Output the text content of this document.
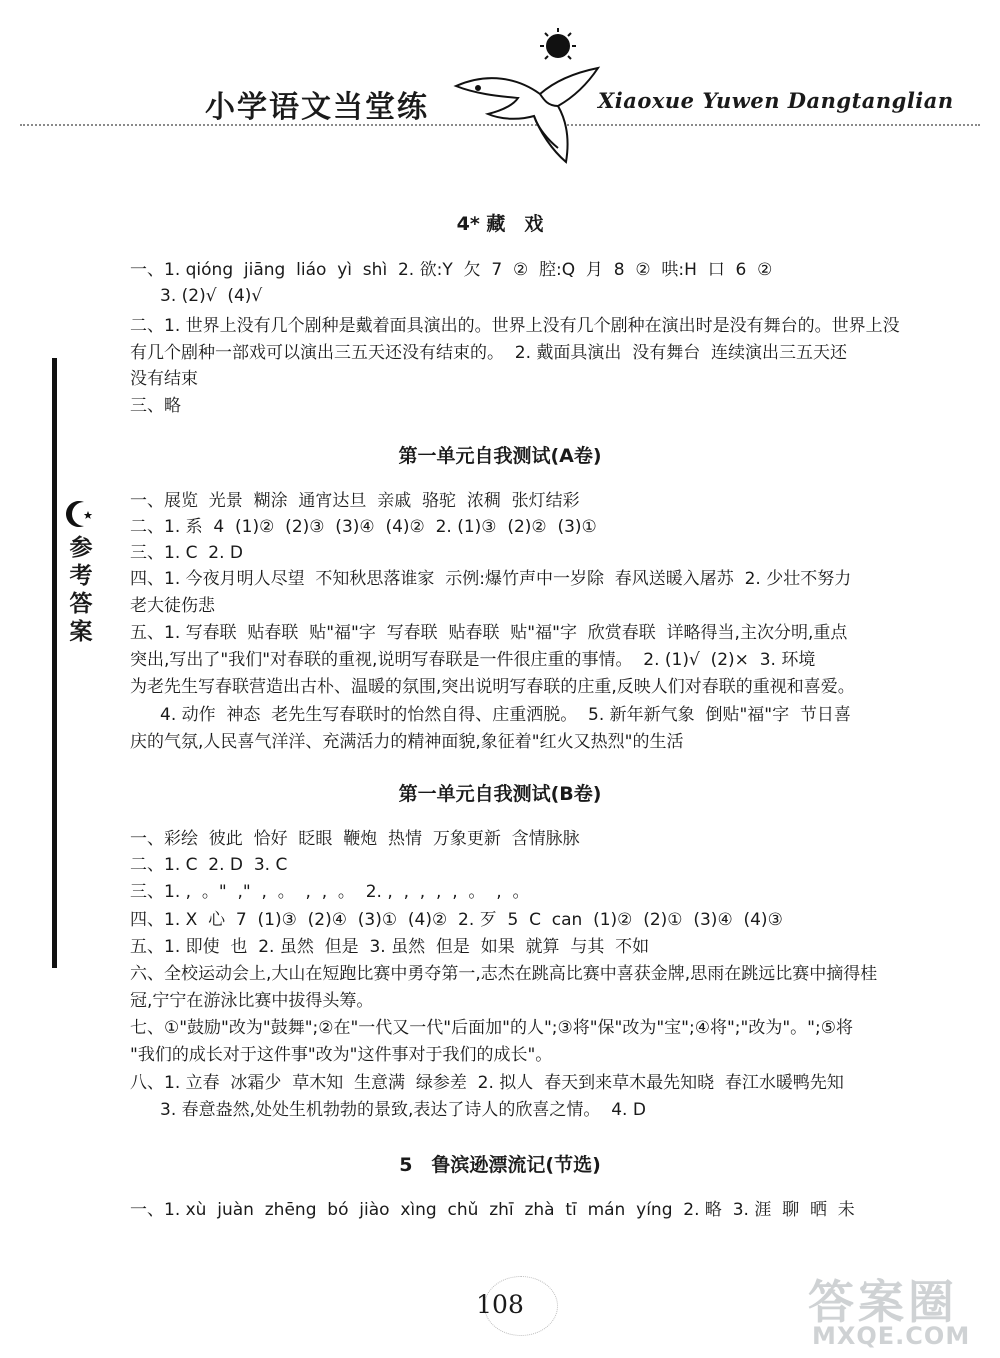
小学语文当堂练	Xiaoxue Yuwen Dangtanglian
参考答案
4* 藏　戏
一、1. qióng  jiāng  liáo  yì  shì  2. 欲:Y  欠  7  ②  腔:Q  月  8  ②  哄:H  口  6  ②
3. (2)√  (4)√
二、1. 世界上没有几个剧种是戴着面具演出的。世界上没有几个剧种在演出时是没有舞台的。世界上没
有几个剧种一部戏可以演出三五天还没有结束的。  2. 戴面具演出  没有舞台  连续演出三五天还
没有结束
三、略
第一单元自我测试(A卷)
一、展览  光景  糊涂  通宵达旦  亲戚  骆驼  浓稠  张灯结彩
二、1. 系  4  (1)②  (2)③  (3)④  (4)②  2. (1)③  (2)②  (3)①
三、1. C  2. D
四、1. 今夜月明人尽望  不知秋思落谁家  示例:爆竹声中一岁除  春风送暖入屠苏  2. 少壮不努力
老大徒伤悲
五、1. 写春联  贴春联  贴"福"字  写春联  贴春联  贴"福"字  欣赏春联  详略得当,主次分明,重点
突出,写出了"我们"对春联的重视,说明写春联是一件很庄重的事情。  2. (1)√  (2)×  3. 环境
为老先生写春联营造出古朴、温暖的氛围,突出说明写春联的庄重,反映人们对春联的重视和喜爱。
4. 动作  神态  老先生写春联时的怡然自得、庄重洒脱。  5. 新年新气象  倒贴"福"字  节日喜
庆的气氛,人民喜气洋洋、充满活力的精神面貌,象征着"红火又热烈"的生活
第一单元自我测试(B卷)
一、彩绘  彼此  恰好  眨眼  鞭炮  热情  万象更新  含情脉脉
二、1. C  2. D  3. C
三、1. ,  。"  ,"  ,  。  ,  ,  。  2. ,  ,  ,  ,  ,  。  ,  。
四、1. X  心  7  (1)③  (2)④  (3)①  (4)②  2. 歹  5  C  can  (1)②  (2)①  (3)④  (4)③
五、1. 即使  也  2. 虽然  但是  3. 虽然  但是  如果  就算  与其  不如
六、全校运动会上,大山在短跑比赛中勇夺第一,志杰在跳高比赛中喜获金牌,思雨在跳远比赛中摘得桂
冠,宁宁在游泳比赛中拔得头筹。
七、①"鼓励"改为"鼓舞";②在"一代又一代"后面加"的人";③将"保"改为"宝";④将";"改为"。";⑤将
"我们的成长对于这件事"改为"这件事对于我们的成长"。
八、1. 立春  冰霜少  草木知  生意满  绿参差  2. 拟人  春天到来草木最先知晓  春江水暖鸭先知
3. 春意盎然,处处生机勃勃的景致,表达了诗人的欣喜之情。  4. D
5　鲁滨逊漂流记(节选)
一、1. xù  juàn  zhēng  bó  jiào  xìng  chǔ  zhī  zhà  tī  mán  yíng  2. 略  3. 涯  聊  晒  未
108	答案圈
MXQE.COM
